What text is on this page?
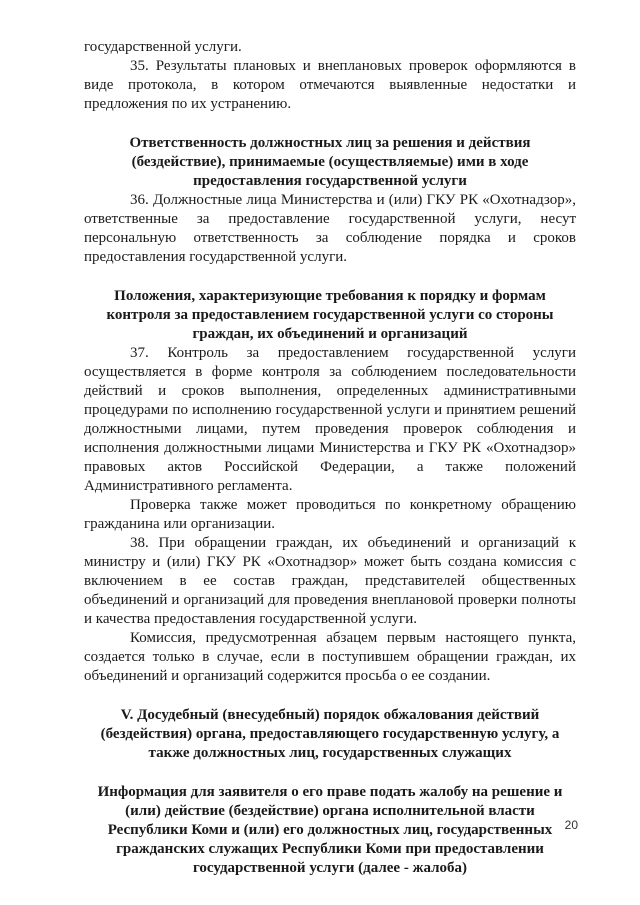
государственной услуги.

35. Результаты плановых и внеплановых проверок оформляются в виде протокола, в котором отмечаются выявленные недостатки и предложения по их устранению.

Ответственность должностных лиц за решения и действия (бездействие), принимаемые (осуществляемые) ими в ходе предоставления государственной услуги

36. Должностные лица Министерства и (или) ГКУ РК «Охотнадзор», ответственные за предоставление государственной услуги, несут персональную ответственность за соблюдение порядка и сроков предоставления государственной услуги.

Положения, характеризующие требования к порядку и формам контроля за предоставлением государственной услуги со стороны граждан, их объединений и организаций

37. Контроль за предоставлением государственной услуги осуществляется в форме контроля за соблюдением последовательности действий и сроков выполнения, определенных административными процедурами по исполнению государственной услуги и принятием решений должностными лицами, путем проведения проверок соблюдения и исполнения должностными лицами Министерства и ГКУ РК «Охотнадзор» правовых актов Российской Федерации, а также положений Административного регламента.

Проверка также может проводиться по конкретному обращению гражданина или организации.

38. При обращении граждан, их объединений и организаций к министру и (или) ГКУ РК «Охотнадзор» может быть создана комиссия с включением в ее состав граждан, представителей общественных объединений и организаций для проведения внеплановой проверки полноты и качества предоставления государственной услуги.

Комиссия, предусмотренная абзацем первым настоящего пункта, создается только в случае, если в поступившем обращении граждан, их объединений и организаций содержится просьба о ее создании.

V. Досудебный (внесудебный) порядок обжалования действий (бездействия) органа, предоставляющего государственную услугу, а также должностных лиц, государственных служащих

Информация для заявителя о его праве подать жалобу на решение и (или) действие (бездействие) органа исполнительной власти Республики Коми и (или) его должностных лиц, государственных гражданских служащих Республики Коми при предоставлении государственной услуги (далее - жалоба)

20
